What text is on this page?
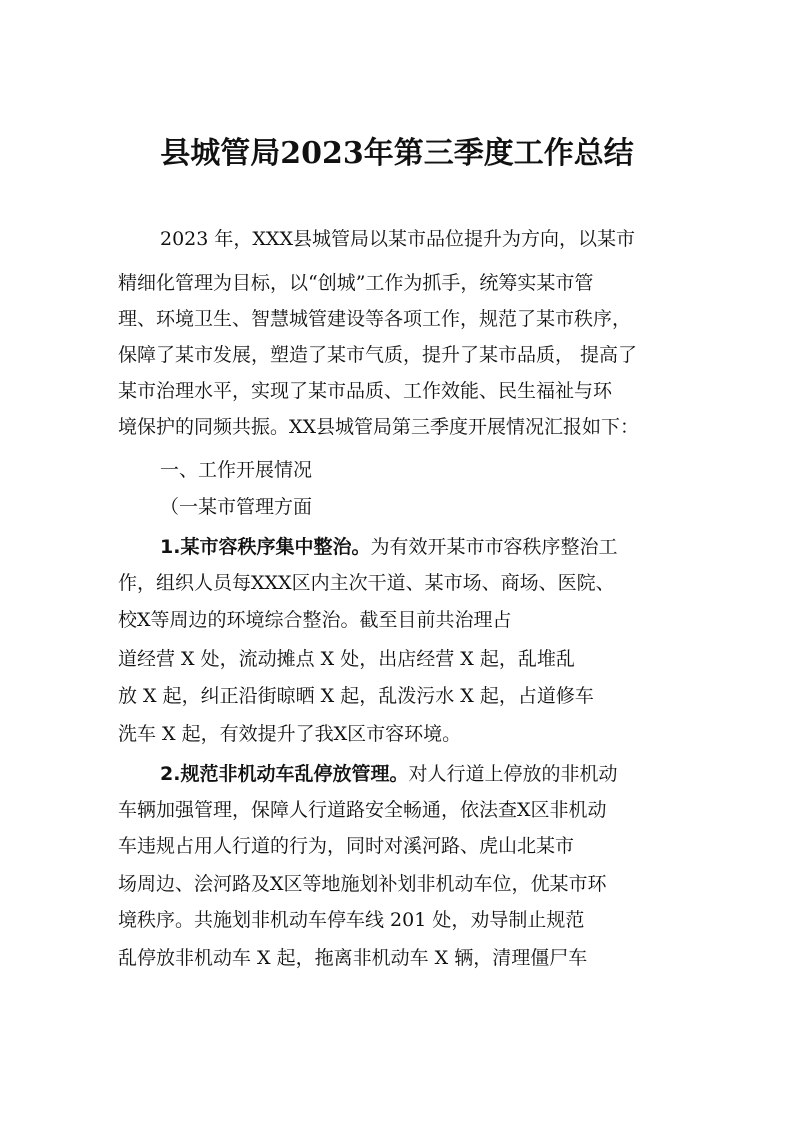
县城管局2023年第三季度工作总结
2023 年，XXX县城管局以某市品位提升为方向，以某市
精细化管理为目标，以“创城”工作为抓手，统筹实某市管
理、环境卫生、智慧城管建设等各项工作，规范了某市秩序，
保障了某市发展，塑造了某市气质，提升了某市品质， 提高了
某市治理水平，实现了某市品质、工作效能、民生福祉与环
境保护的同频共振。XX县城管局第三季度开展情况汇报如下：
一、工作开展情况
（一某市管理方面
1.某市容秩序集中整治。为有效开某市市容秩序整治工
作，组织人员每XXX区内主次干道、某市场、商场、医院、
校X等周边的环境综合整治。截至目前共治理占
道经营 X 处，流动摊点 X 处，出店经营 X 起，乱堆乱
放 X 起，纠正沿街晾晒 X 起，乱泼污水 X 起，占道修车
洗车 X 起，有效提升了我X区市容环境。
2.规范非机动车乱停放管理。对人行道上停放的非机动
车辆加强管理，保障人行道路安全畅通，依法查X区非机动
车违规占用人行道的行为，同时对溪河路、虎山北某市
场周边、浍河路及X区等地施划补划非机动车位，优某市环
境秩序。共施划非机动车停车线 201 处，劝导制止规范
乱停放非机动车 X 起，拖离非机动车 X 辆，清理僵尸车
